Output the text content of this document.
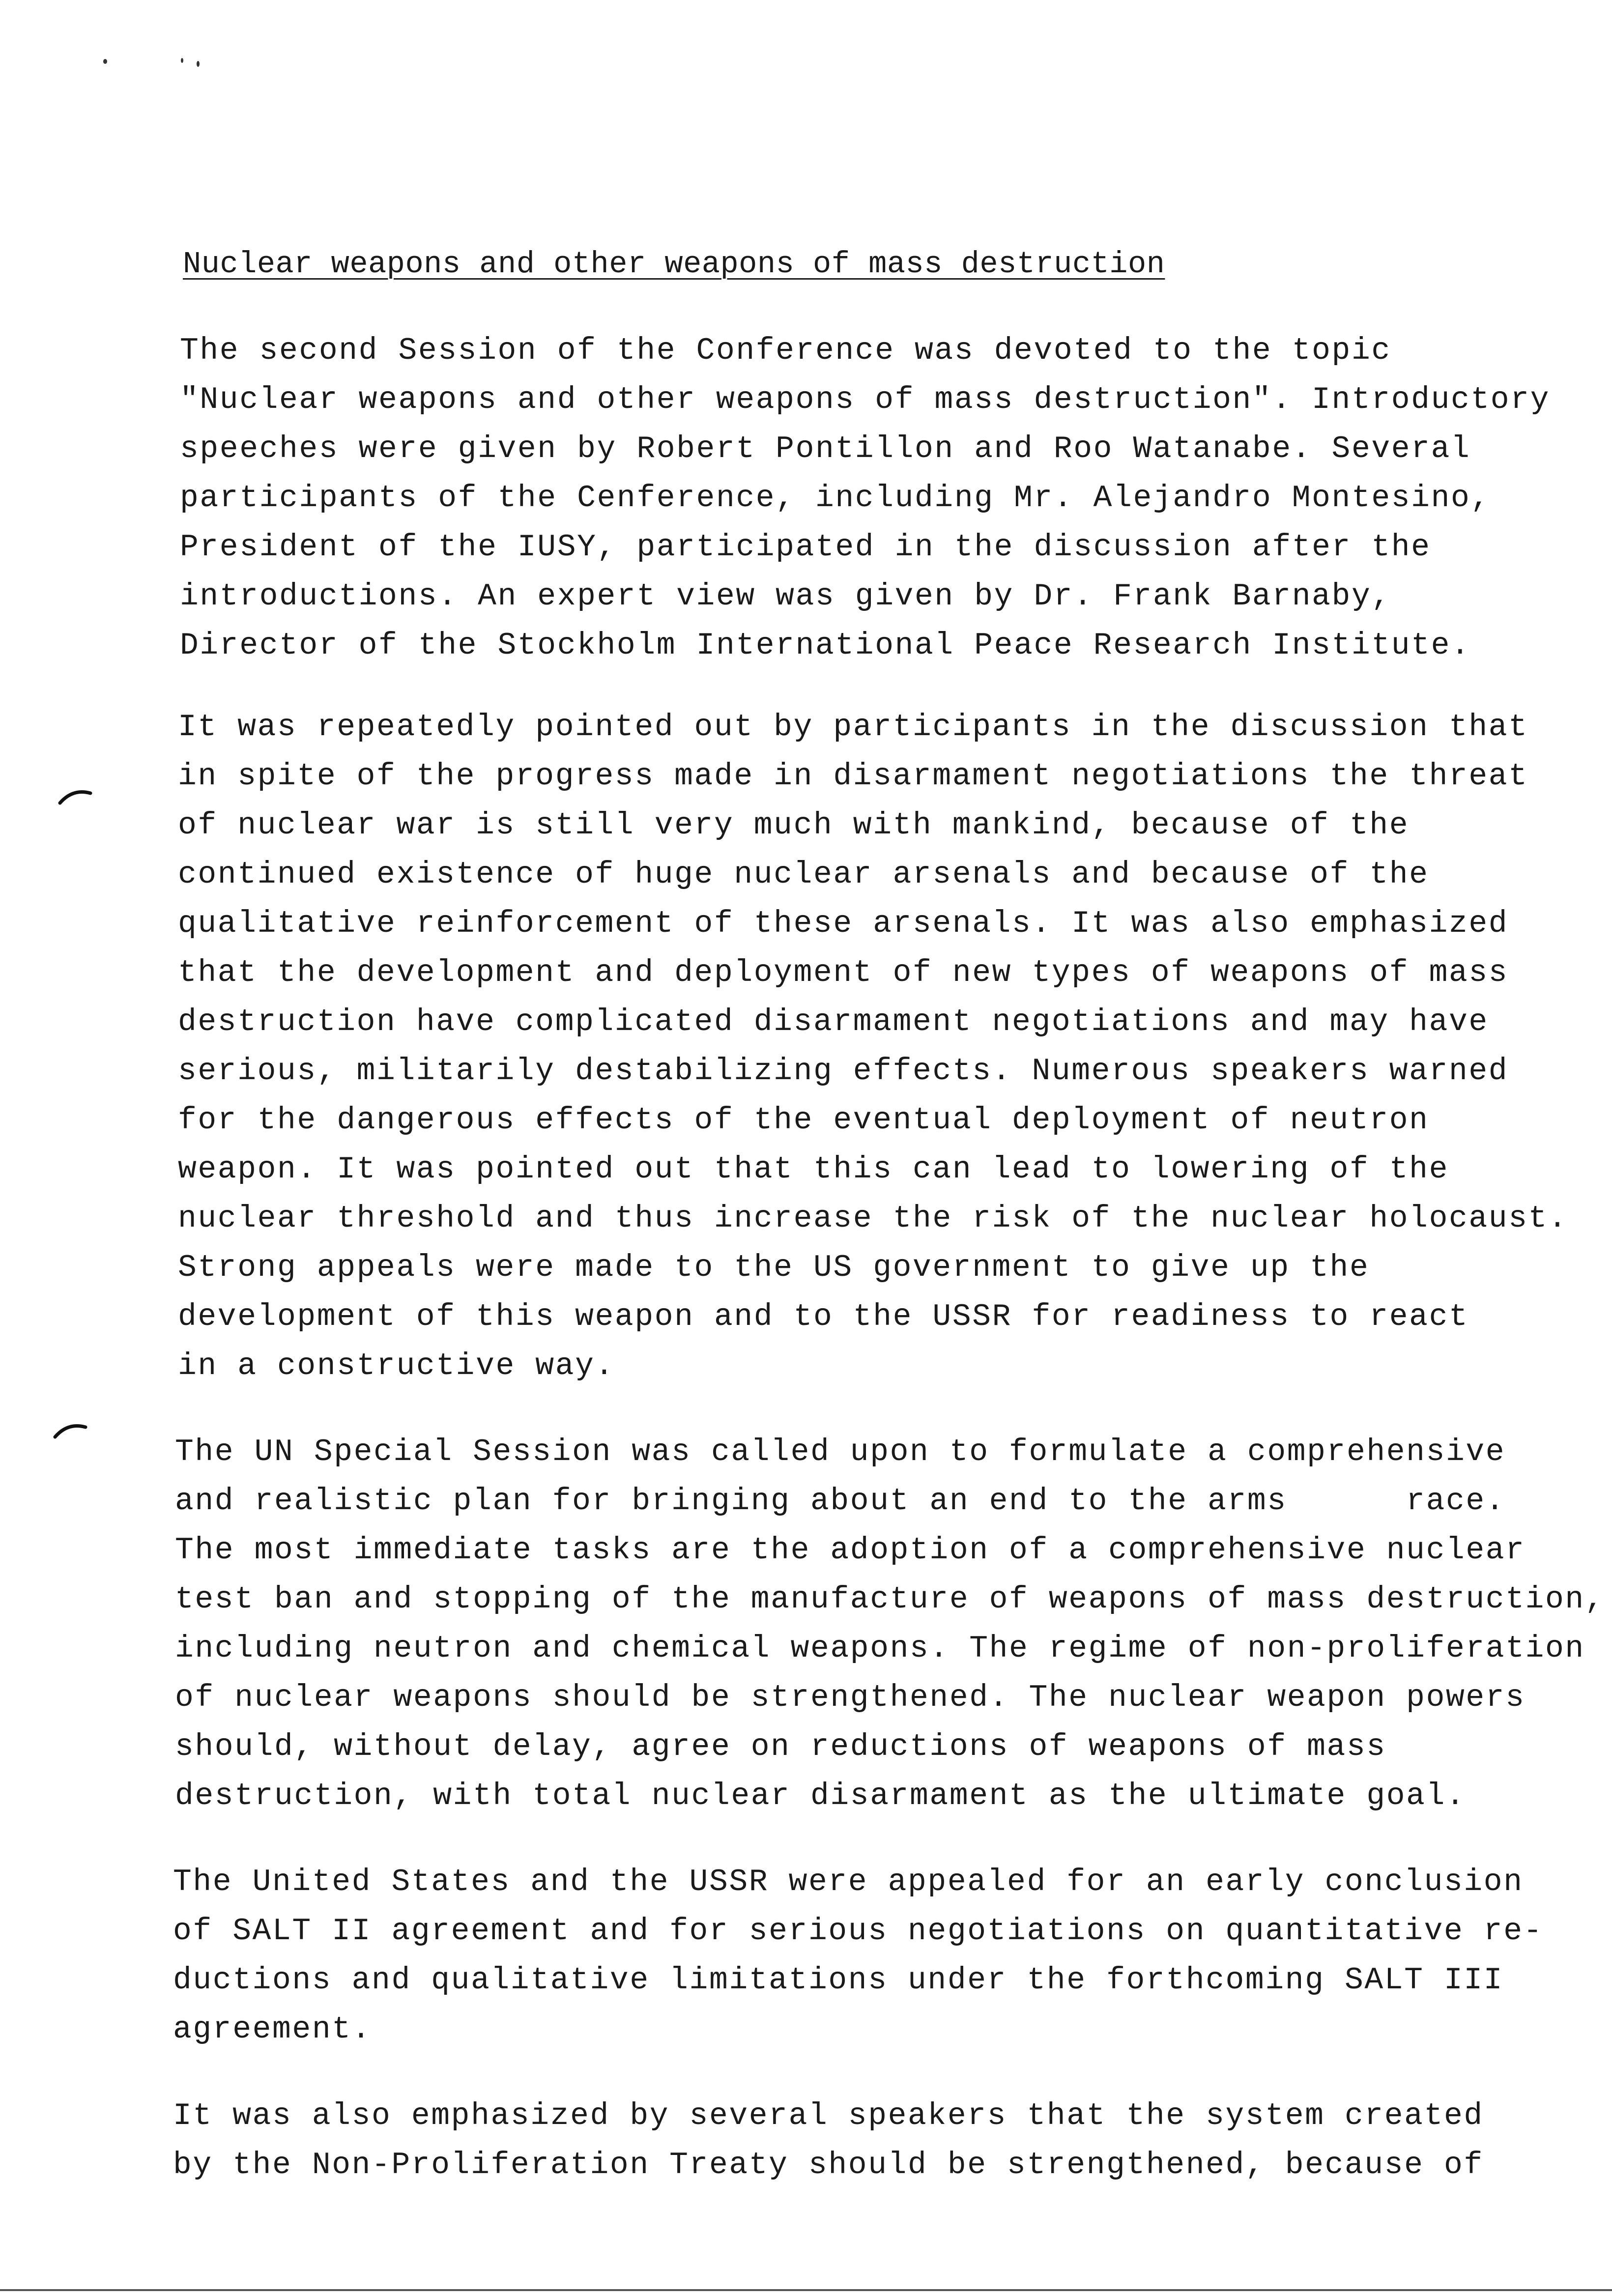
Nuclear weapons and other weapons of mass destruction
The second Session of the Conference was devoted to the topic
"Nuclear weapons and other weapons of mass destruction". Introductory
speeches were given by Robert Pontillon and Roo Watanabe. Several
participants of the Cenference, including Mr. Alejandro Montesino,
President of the IUSY, participated in the discussion after the
introductions. An expert view was given by Dr. Frank Barnaby,
Director of the Stockholm International Peace Research Institute.
It was repeatedly pointed out by participants in the discussion that
in spite of the progress made in disarmament negotiations the threat
of nuclear war is still very much with mankind, because of the
continued existence of huge nuclear arsenals and because of the
qualitative reinforcement of these arsenals. It was also emphasized
that the development and deployment of new types of weapons of mass
destruction have complicated disarmament negotiations and may have
serious, militarily destabilizing effects. Numerous speakers warned
for the dangerous effects of the eventual deployment of neutron
weapon. It was pointed out that this can lead to lowering of the
nuclear threshold and thus increase the risk of the nuclear holocaust.
Strong appeals were made to the US government to give up the
development of this weapon and to the USSR for readiness to react
in a constructive way.
The UN Special Session was called upon to formulate a comprehensive
and realistic plan for bringing about an end to the arms      race.
The most immediate tasks are the adoption of a comprehensive nuclear
test ban and stopping of the manufacture of weapons of mass destruction,
including neutron and chemical weapons. The regime of non-proliferation
of nuclear weapons should be strengthened. The nuclear weapon powers
should, without delay, agree on reductions of weapons of mass
destruction, with total nuclear disarmament as the ultimate goal.
The United States and the USSR were appealed for an early conclusion
of SALT II agreement and for serious negotiations on quantitative re-
ductions and qualitative limitations under the forthcoming SALT III
agreement.
It was also emphasized by several speakers that the system created
by the Non-Proliferation Treaty should be strengthened, because of
